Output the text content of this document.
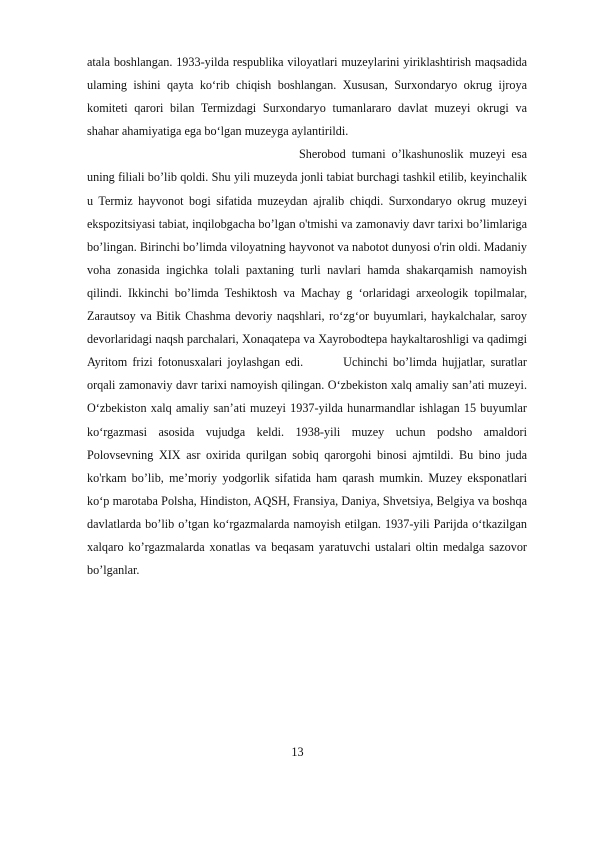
atala boshlangan. 1933-yilda respublika viloyatlari muzeylarini yiriklashtirish maqsadida ulaming ishini qayta ko‘rib chiqish boshlangan. Xususan, Surxondaryo okrug ijroya komiteti qarori bilan Termizdagi Surxondaryo tumanlararo davlat muzeyi okrugi va shahar ahamiyatiga ega bo‘lgan muzeyga aylantirildi.

Sherobod tumani o’lkashunoslik muzeyi esa uning filiali bo’lib qoldi. Shu yili muzeyda jonli tabiat burchagi tashkil etilib, keyinchalik u Termiz hayvonot bogi sifatida muzeydan ajralib chiqdi. Surxondaryo okrug muzeyi ekspozitsiyasi tabiat, inqilobgacha bo’lgan o'tmishi va zamonaviy davr tarixi bo’limlariga bo’lingan. Birinchi bo’limda viloyatning hayvonot va nabotot dunyosi o'rin oldi. Madaniy voha zonasida ingichka tolali paxtaning turli navlari hamda shakarqamish namoyish qilindi. Ikkinchi bo’limda Teshiktosh va Machay g ‘orlaridagi arxeologik topilmalar, Zarautsoy va Bitik Chashma devoriy naqshlari, ro‘zg‘or buyumlari, haykalchalar, saroy devorlaridagi naqsh parchalari, Xonaqatepa va Xayrobodtepa haykaltaroshligi va qadimgi Ayritom frizi fotonusxalari joylashgan edi.	Uchinchi bo’limda hujjatlar, suratlar orqali zamonaviy davr tarixi namoyish qilingan. O‘zbekiston xalq amaliy san’ati muzeyi. O‘zbekiston xalq amaliy san’ati muzeyi 1937-yilda hunarmandlar ishlagan 15 buyumlar ko‘rgazmasi asosida vujudga keldi. 1938-yili muzey uchun podsho amaldori Polovsevning XIX asr oxirida qurilgan sobiq qarorgohi binosi ajmtildi. Bu bino juda ko'rkam bo’lib, me’moriy yodgorlik sifatida ham qarash mumkin. Muzey eksponatlari ko‘p marotaba Polsha, Hindiston, AQSH, Fransiya, Daniya, Shvetsiya, Belgiya va boshqa davlatlarda bo’lib o’tgan ko‘rgazmalarda namoyish etilgan. 1937-yili Parijda o‘tkazilgan xalqaro ko’rgazmalarda xonatlas va beqasam yaratuvchi ustalari oltin medalga sazovor bo’lganlar.

13
